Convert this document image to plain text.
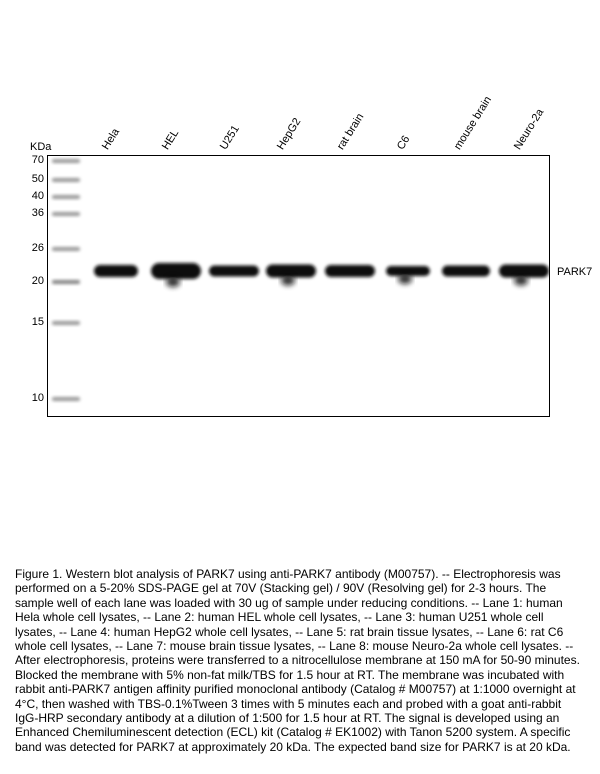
Hela	HEL	U251	HepG2	rat brain	C6	mouse brain Neuro-2a
KDa
70
50
40
36
26
20
15
10
PARK7
Figure 1. Western blot analysis of PARK7 using anti-PARK7 antibody (M00757). -- Electrophoresis was performed on a 5-20% SDS-PAGE gel at 70V (Stacking gel) / 90V (Resolving gel) for 2-3 hours. The sample well of each lane was loaded with 30 ug of sample under reducing conditions. -- Lane 1: human Hela whole cell lysates, -- Lane 2: human HEL whole cell lysates, -- Lane 3: human U251 whole cell lysates, -- Lane 4: human HepG2 whole cell lysates, -- Lane 5: rat brain tissue lysates, -- Lane 6: rat C6 whole cell lysates, -- Lane 7: mouse brain tissue lysates, -- Lane 8: mouse Neuro-2a whole cell lysates. -- After electrophoresis, proteins were transferred to a nitrocellulose membrane at 150 mA for 50-90 minutes. Blocked the membrane with 5% non-fat milk/TBS for 1.5 hour at RT. The membrane was incubated with rabbit anti-PARK7 antigen affinity purified monoclonal antibody (Catalog # M00757) at 1:1000 overnight at 4°C, then washed with TBS-0.1%Tween 3 times with 5 minutes each and probed with a goat anti-rabbit IgG-HRP secondary antibody at a dilution of 1:500 for 1.5 hour at RT. The signal is developed using an Enhanced Chemiluminescent detection (ECL) kit (Catalog # EK1002) with Tanon 5200 system. A specific band was detected for PARK7 at approximately 20 kDa. The expected band size for PARK7 is at 20 kDa.
